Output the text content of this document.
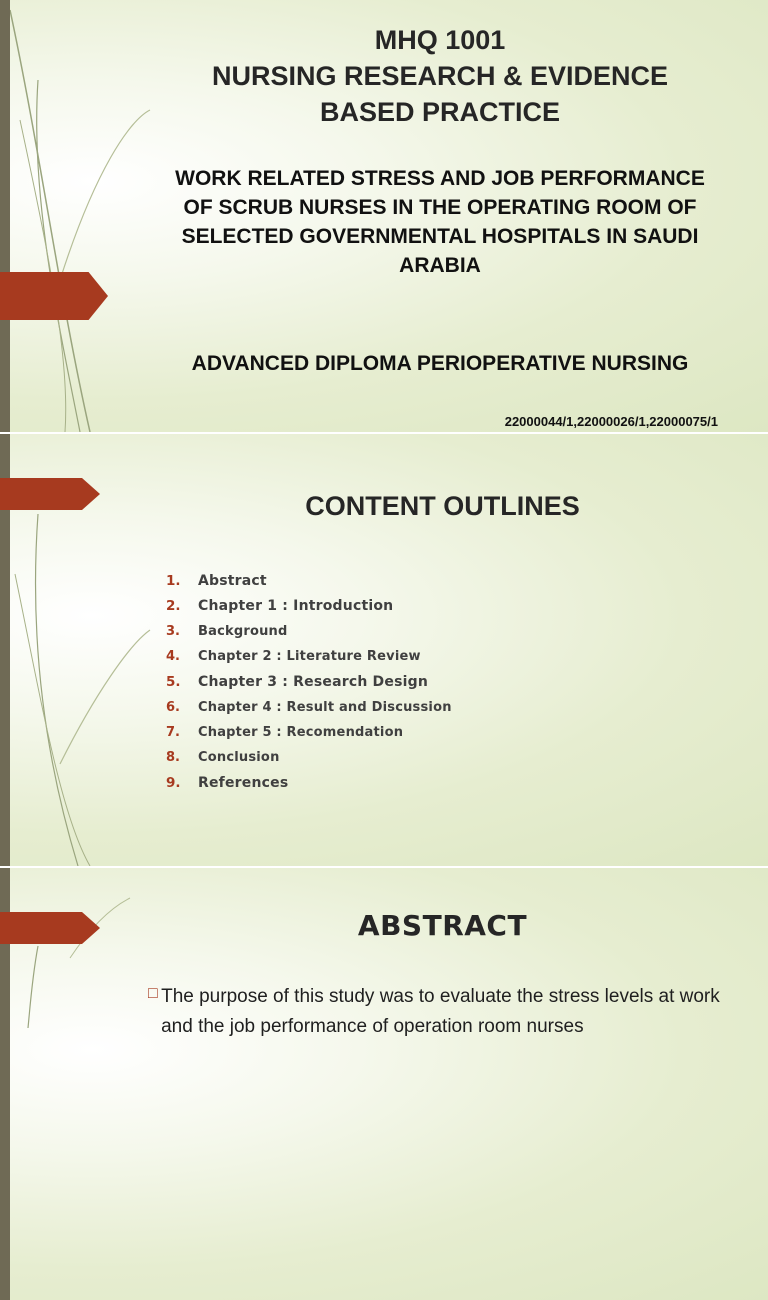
MHQ 1001
NURSING RESEARCH & EVIDENCE
BASED PRACTICE
WORK RELATED STRESS AND JOB PERFORMANCE OF SCRUB NURSES IN THE OPERATING ROOM OF SELECTED GOVERNMENTAL HOSPITALS IN SAUDI ARABIA
ADVANCED DIPLOMA PERIOPERATIVE NURSING
22000044/1,22000026/1,22000075/1
CONTENT OUTLINES
1.	Abstract
2.	Chapter 1 : Introduction
3.	Background
4.	Chapter 2 : Literature Review
5.	Chapter 3 : Research Design
6.	Chapter 4 : Result and Discussion
7.	Chapter 5 : Recomendation
8.	Conclusion
9.	References
ABSTRACT
□ The purpose of this study was to evaluate the stress levels at work and the job performance of operation room nurses
